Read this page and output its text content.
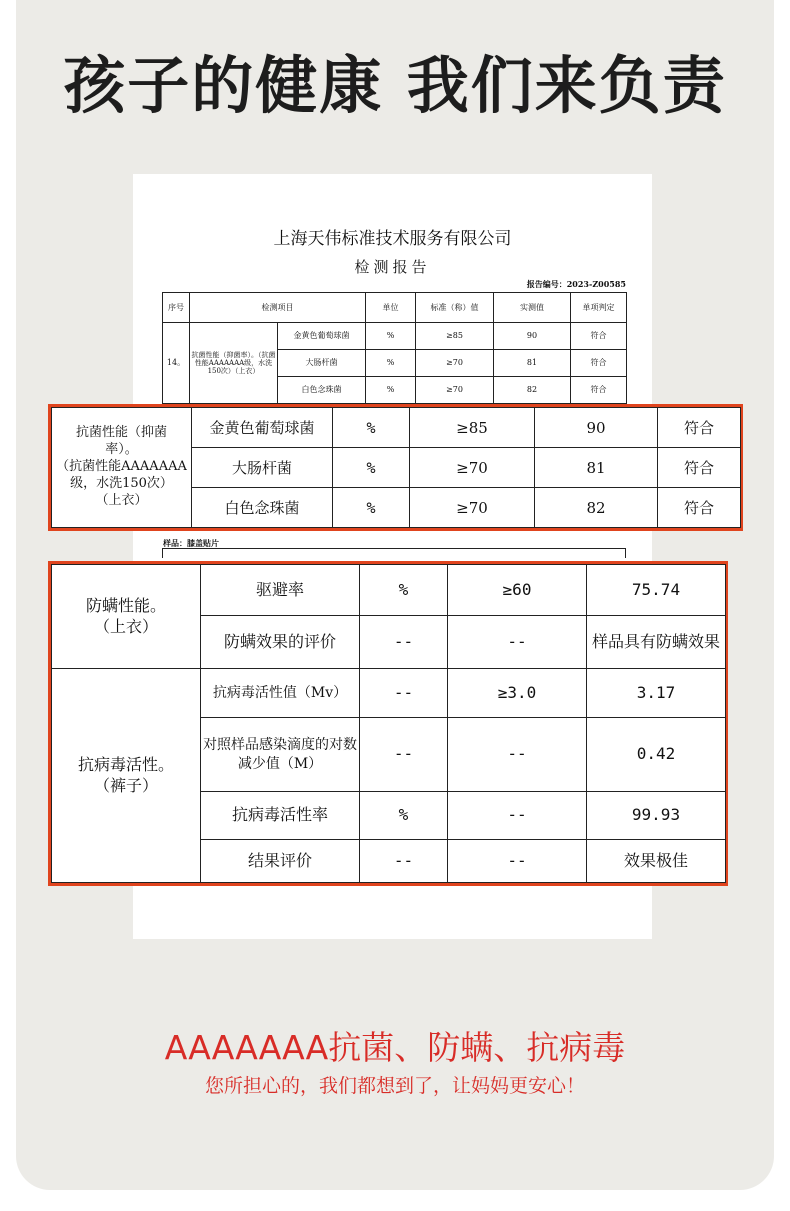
孩子的健康 我们来负责
上海天伟标准技术服务有限公司
检测报告
报告编号：2023-Z00585
序号	检测项目		单位	标准（称）值	实测值	单项判定
14。	抗菌性能（抑菌率）。（抗菌性能AAAAAAA级，水洗150次）（上衣）	金黄色葡萄球菌	%	≥85	90	符合
		大肠杆菌	%	≥70	81	符合
		白色念珠菌	%	≥70	82	符合
样品：膝盖贴片
抗菌性能（抑菌
率）。
（抗菌性能AAAAAAA
级，水洗150次）
（上衣）	金黄色葡萄球菌	%	≥85	90	符合
	大肠杆菌	%	≥70	81	符合
	白色念珠菌	%	≥70	82	符合
防螨性能。
（上衣）	驱避率	%	≥60	75.74
	防螨效果的评价	--	--	样品具有防螨效果

抗病毒活性。
（裤子）	抗病毒活性值（Mv）	--	≥3.0	3.17
	对照样品感染滴度的对数减少值（M）	--	--	0.42
	抗病毒活性率	%	--	99.93
	结果评价	--	--	效果极佳
AAAAAAA抗菌、防螨、抗病毒
您所担心的，我们都想到了，让妈妈更安心！
